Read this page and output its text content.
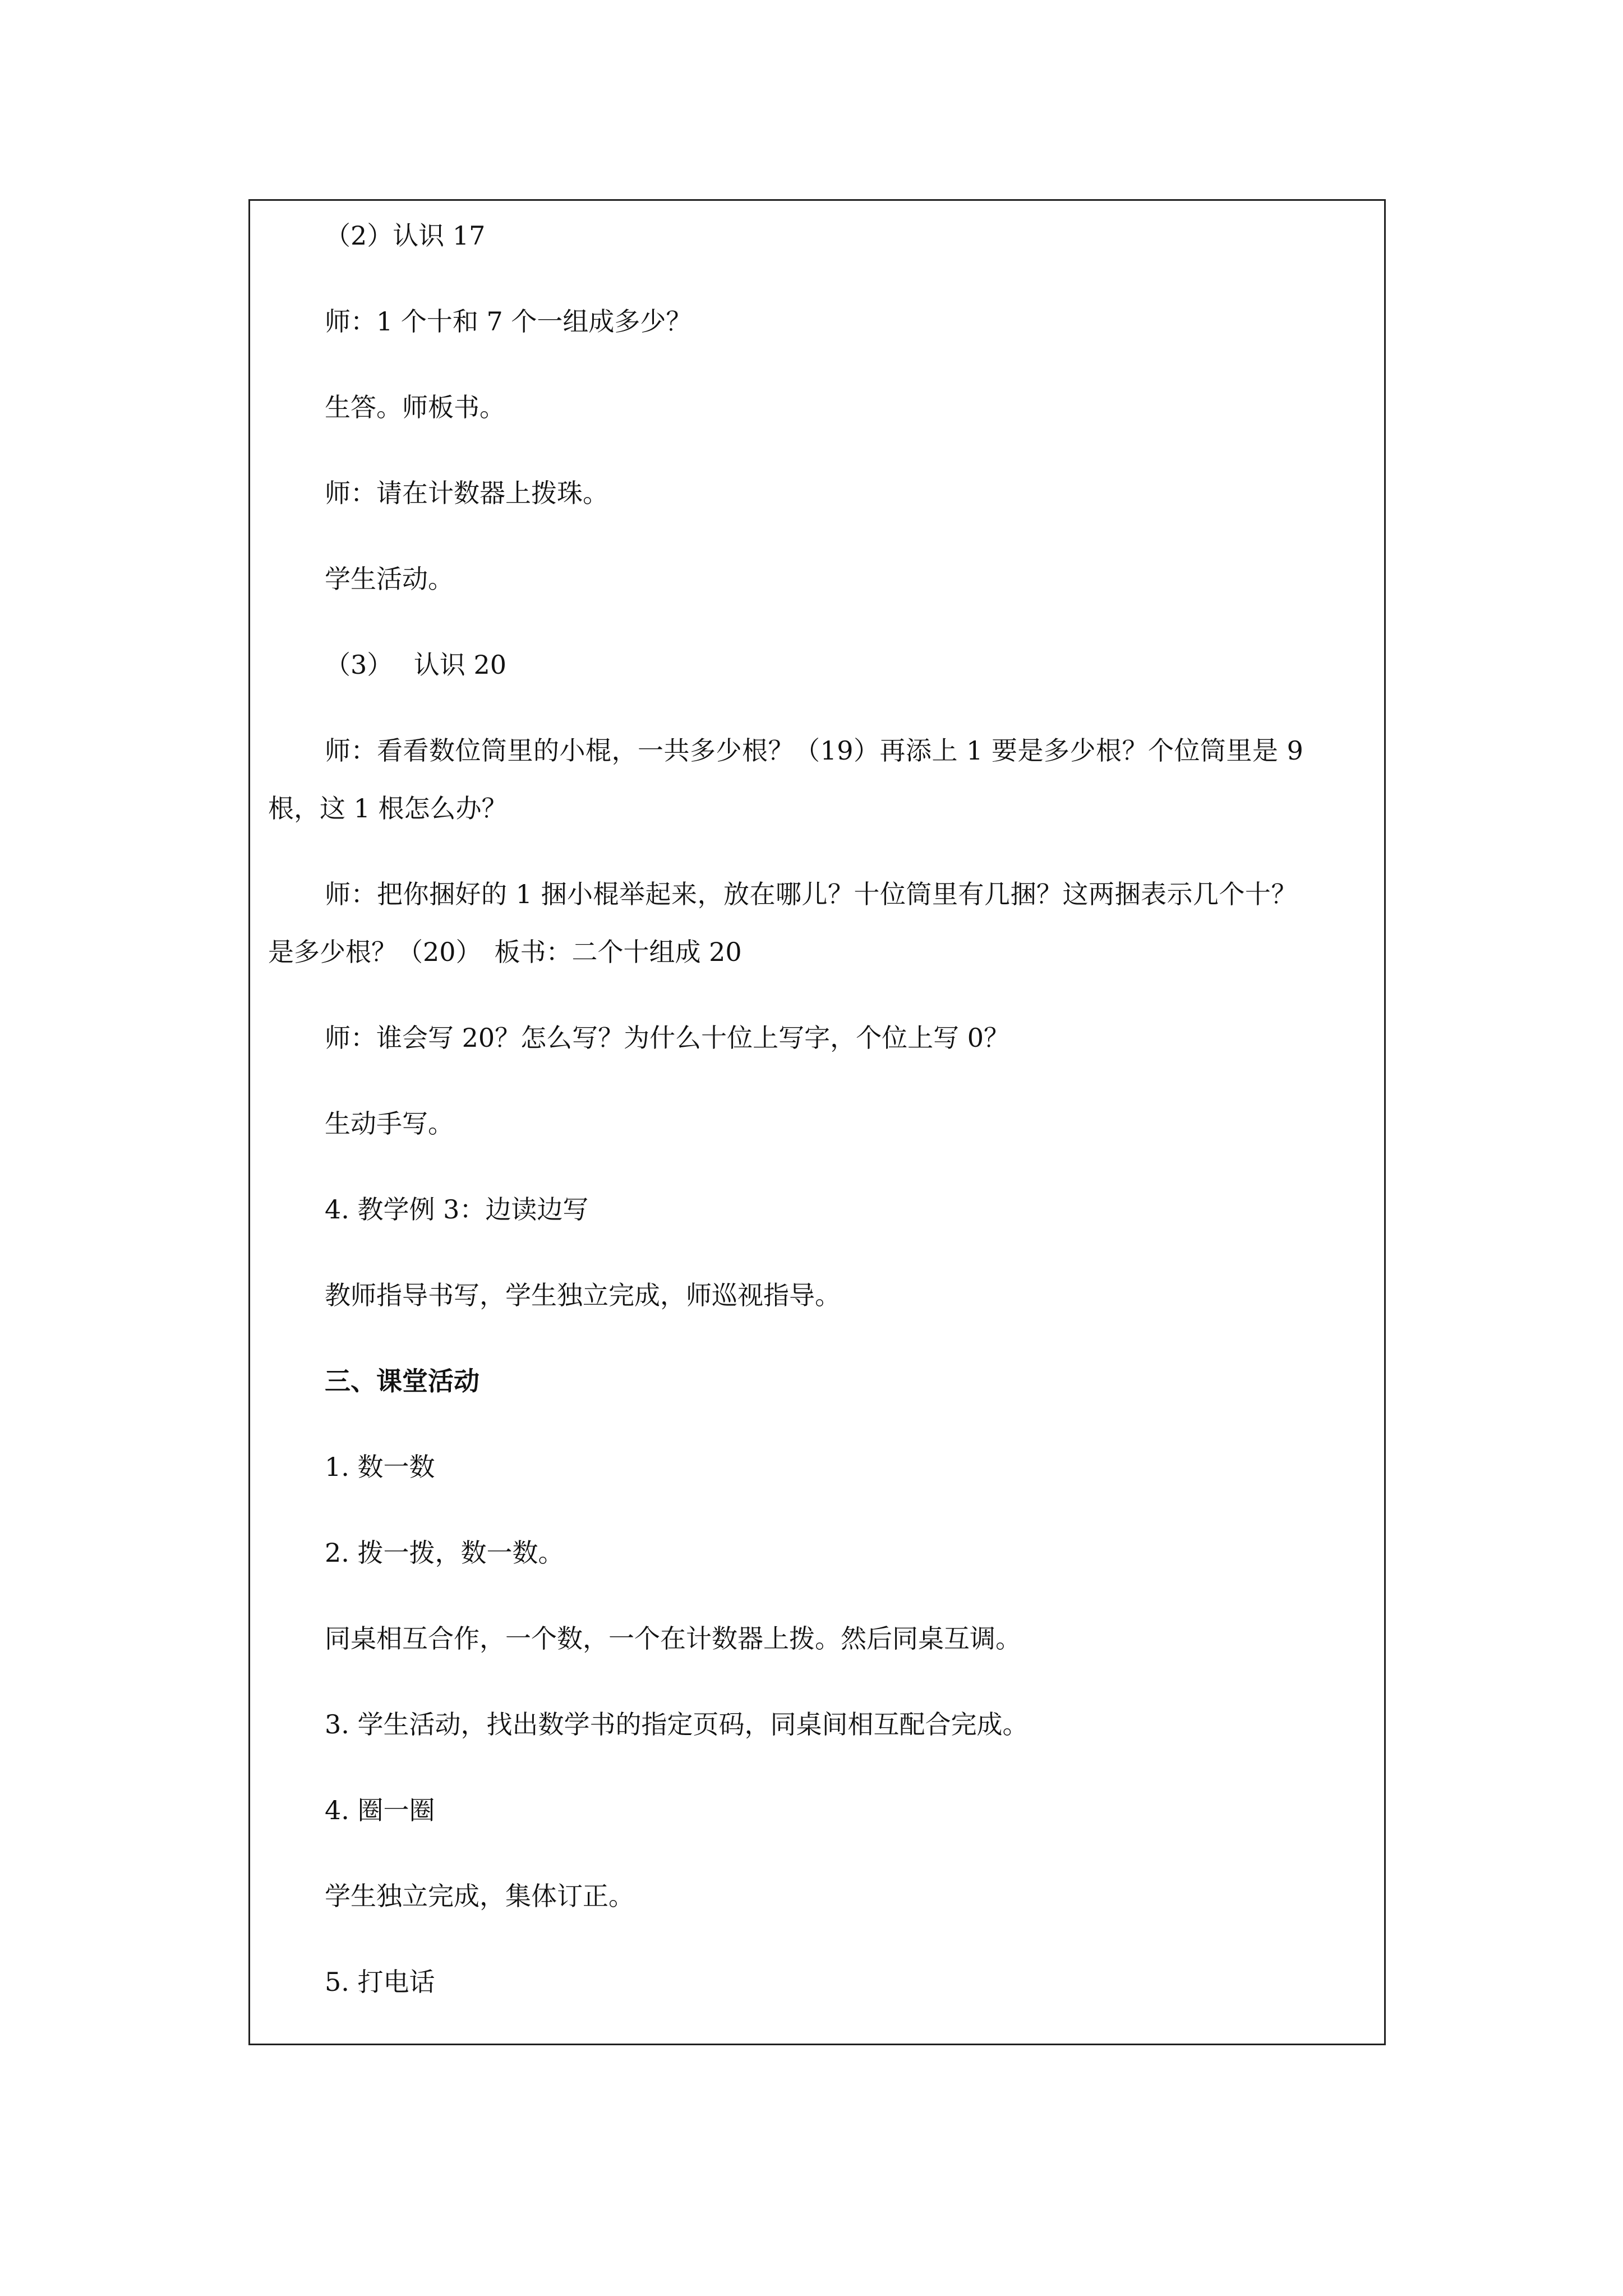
（2）认识 17
师：1 个十和 7 个一组成多少？
生答。师板书。
师：请在计数器上拨珠。
学生活动。
（3）　 认识 20
师：看看数位筒里的小棍，一共多少根？（19）再添上 1 要是多少根？个位筒里是 9
根，这 1 根怎么办？
师：把你捆好的 1 捆小棍举起来，放在哪儿？十位筒里有几捆？这两捆表示几个十？
是多少根？（20）　板书：二个十组成 20
师：谁会写 20？怎么写？为什么十位上写字，个位上写 0？
生动手写。
4. 教学例 3：边读边写
教师指导书写，学生独立完成，师巡视指导。
三、课堂活动
1. 数一数
2. 拨一拨，数一数。
同桌相互合作，一个数，一个在计数器上拨。然后同桌互调。
3. 学生活动，找出数学书的指定页码，同桌间相互配合完成。
4. 圈一圈
学生独立完成，集体订正。
5. 打电话
